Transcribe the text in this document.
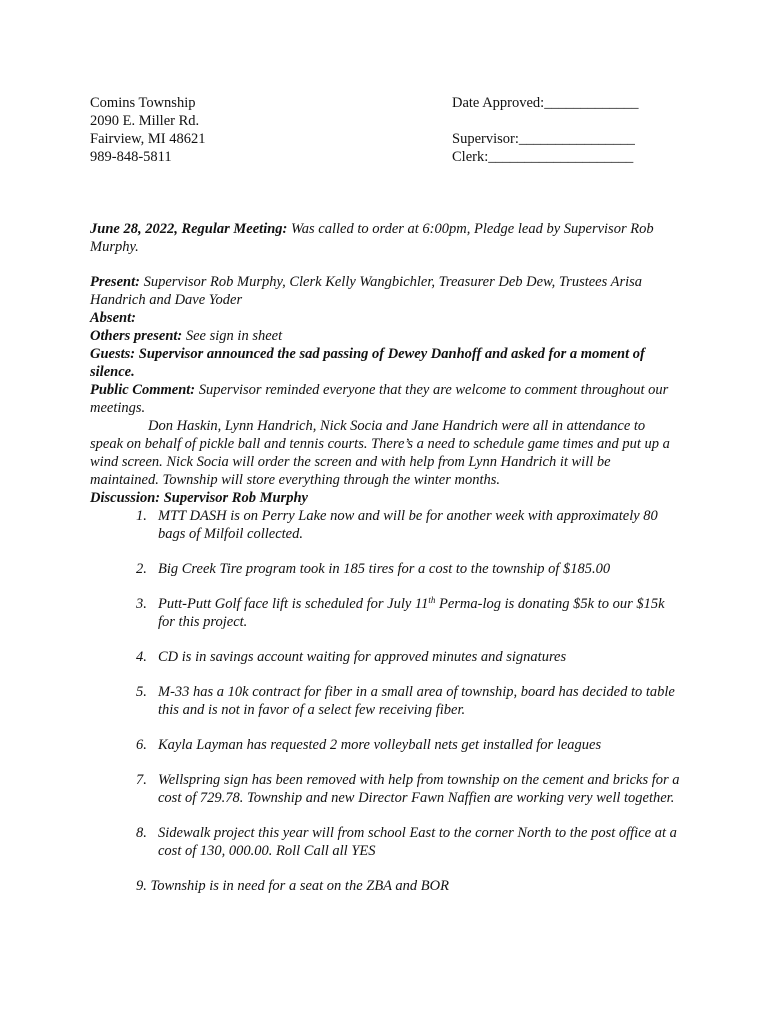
Comins Township
2090 E. Miller Rd.
Fairview, MI 48621
989-848-5811
Date Approved:_____________
Supervisor:________________
Clerk:____________________

June 28, 2022, Regular Meeting: Was called to order at 6:00pm, Pledge lead by Supervisor Rob Murphy.

Present: Supervisor Rob Murphy, Clerk Kelly Wangbichler, Treasurer Deb Dew, Trustees Arisa Handrich and Dave Yoder

Absent:

Others present: See sign in sheet

Guests: Supervisor announced the sad passing of Dewey Danhoff and asked for a moment of silence.

Public Comment: Supervisor reminded everyone that they are welcome to comment throughout our meetings.

Don Haskin, Lynn Handrich, Nick Socia and Jane Handrich were all in attendance to speak on behalf of pickle ball and tennis courts. There’s a need to schedule game times and put up a wind screen. Nick Socia will order the screen and with help from Lynn Handrich it will be maintained. Township will store everything through the winter months.

Discussion: Supervisor Rob Murphy

1. MTT DASH is on Perry Lake now and will be for another week with approximately 80 bags of Milfoil collected.
2. Big Creek Tire program took in 185 tires for a cost to the township of $185.00
3. Putt-Putt Golf face lift is scheduled for July 11th Perma-log is donating $5k to our $15k for this project.
4. CD is in savings account waiting for approved minutes and signatures
5. M-33 has a 10k contract for fiber in a small area of township, board has decided to table this and is not in favor of a select few receiving fiber.
6. Kayla Layman has requested 2 more volleyball nets get installed for leagues
7. Wellspring sign has been removed with help from township on the cement and bricks for a cost of 729.78. Township and new Director Fawn Naffien are working very well together.
8. Sidewalk project this year will from school East to the corner North to the post office at a cost of 130, 000.00. Roll Call all YES
9. Township is in need for a seat on the ZBA and BOR
